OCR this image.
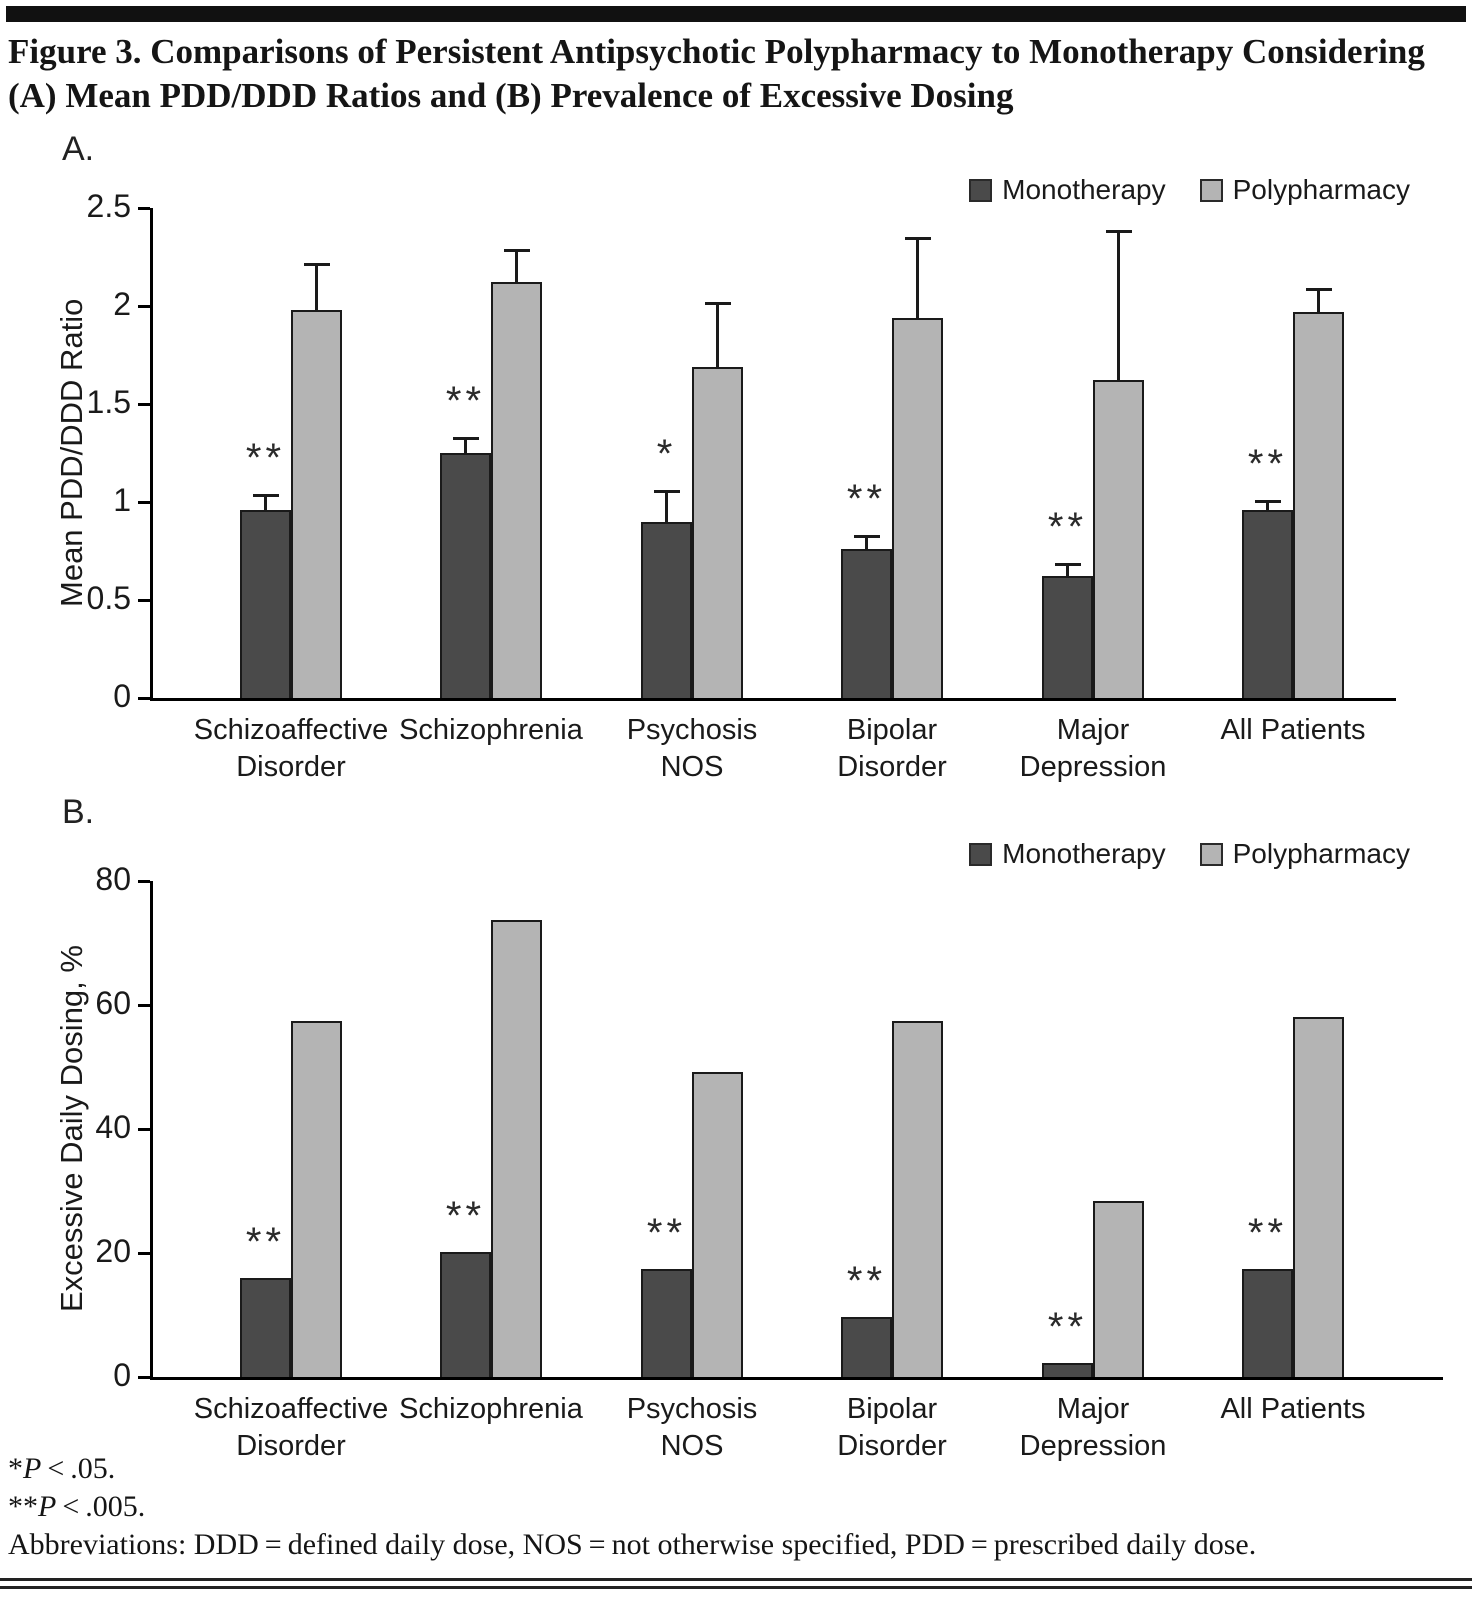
Figure 3. Comparisons of Persistent Antipsychotic Polypharmacy to Monotherapy Considering
(A) Mean PDD/DDD Ratios and (B) Prevalence of Excessive Dosing
A.
Mean PDD/DDD Ratio
Monotherapy Polypharmacy
0
0.5
1
1.5
2
2.5
**
Schizoaffective
Disorder
**
Schizophrenia
*
Psychosis
NOS
**
Bipolar
Disorder
**
Major
Depression
**
All Patients
B.
Excessive Daily Dosing, %
Monotherapy Polypharmacy
0
20
40
60
80
**
Schizoaffective
Disorder
**
Schizophrenia
**
Psychosis
NOS
**
Bipolar
Disorder
**
Major
Depression
**
All Patients
*P < .05.
**P < .005.
Abbreviations: DDD = defined daily dose, NOS = not otherwise specified, PDD = prescribed daily dose.
